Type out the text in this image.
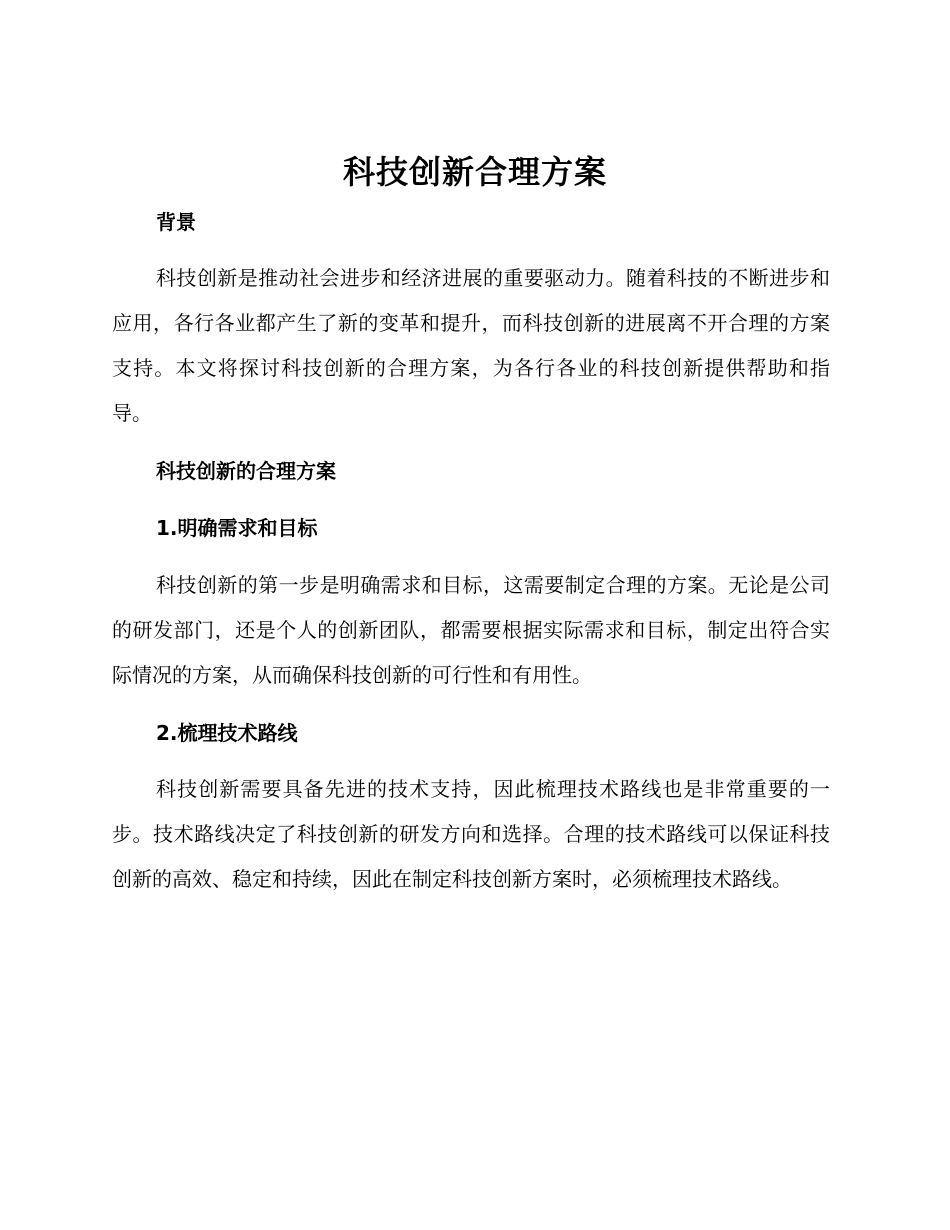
科技创新合理方案
背景
科技创新是推动社会进步和经济进展的重要驱动力。随着科技的不断进步和应用，各行各业都产生了新的变革和提升，而科技创新的进展离不开合理的方案支持。本文将探讨科技创新的合理方案，为各行各业的科技创新提供帮助和指导。
科技创新的合理方案
1.明确需求和目标
科技创新的第一步是明确需求和目标，这需要制定合理的方案。无论是公司的研发部门，还是个人的创新团队，都需要根据实际需求和目标，制定出符合实际情况的方案，从而确保科技创新的可行性和有用性。
2.梳理技术路线
科技创新需要具备先进的技术支持，因此梳理技术路线也是非常重要的一步。技术路线决定了科技创新的研发方向和选择。合理的技术路线可以保证科技创新的高效、稳定和持续，因此在制定科技创新方案时，必须梳理技术路线。
